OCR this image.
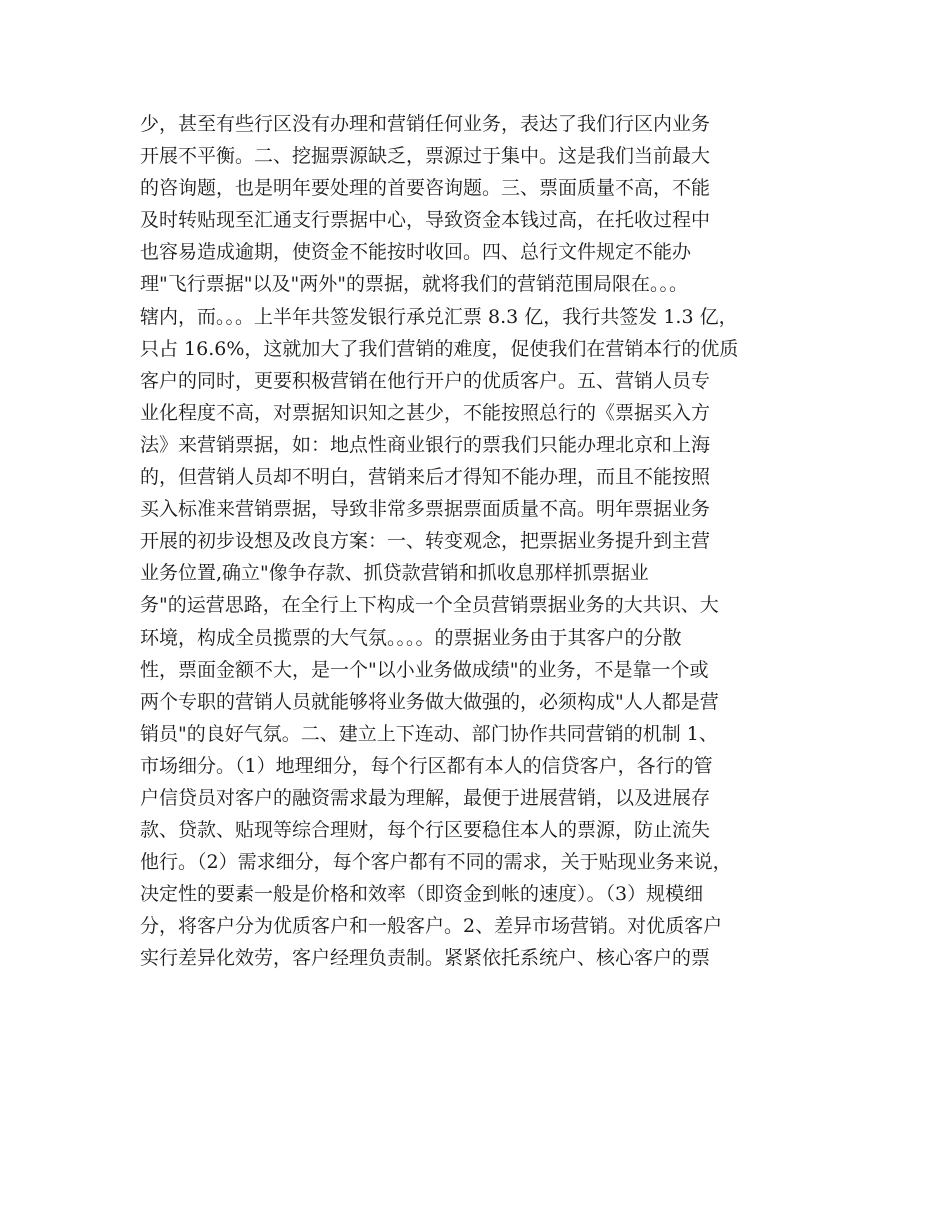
少，甚至有些行区没有办理和营销任何业务，表达了我们行区内业务
开展不平衡。二、挖掘票源缺乏，票源过于集中。这是我们当前最大
的咨询题，也是明年要处理的首要咨询题。三、票面质量不高，不能
及时转贴现至汇通支行票据中心，导致资金本钱过高，在托收过程中
也容易造成逾期，使资金不能按时收回。四、总行文件规定不能办
理"飞行票据"以及"两外"的票据，就将我们的营销范围局限在。。。
辖内，而。。。上半年共签发银行承兑汇票 8.3 亿，我行共签发 1.3 亿，
只占 16.6%，这就加大了我们营销的难度，促使我们在营销本行的优质
客户的同时，更要积极营销在他行开户的优质客户。五、营销人员专
业化程度不高，对票据知识知之甚少，不能按照总行的《票据买入方
法》来营销票据，如：地点性商业银行的票我们只能办理北京和上海
的，但营销人员却不明白，营销来后才得知不能办理，而且不能按照
买入标准来营销票据，导致非常多票据票面质量不高。明年票据业务
开展的初步设想及改良方案：一、转变观念，把票据业务提升到主营
业务位置,确立"像争存款、抓贷款营销和抓收息那样抓票据业
务"的运营思路，在全行上下构成一个全员营销票据业务的大共识、大
环境，构成全员揽票的大气氛。。。。的票据业务由于其客户的分散
性，票面金额不大，是一个"以小业务做成绩"的业务，不是靠一个或
两个专职的营销人员就能够将业务做大做强的，必须构成"人人都是营
销员"的良好气氛。二、建立上下连动、部门协作共同营销的机制 1、
市场细分。（1）地理细分，每个行区都有本人的信贷客户，各行的管
户信贷员对客户的融资需求最为理解，最便于进展营销，以及进展存
款、贷款、贴现等综合理财，每个行区要稳住本人的票源，防止流失
他行。（2）需求细分，每个客户都有不同的需求，关于贴现业务来说，
决定性的要素一般是价格和效率（即资金到帐的速度）。（3）规模细
分，将客户分为优质客户和一般客户。2、差异市场营销。对优质客户
实行差异化效劳，客户经理负责制。紧紧依托系统户、核心客户的票
